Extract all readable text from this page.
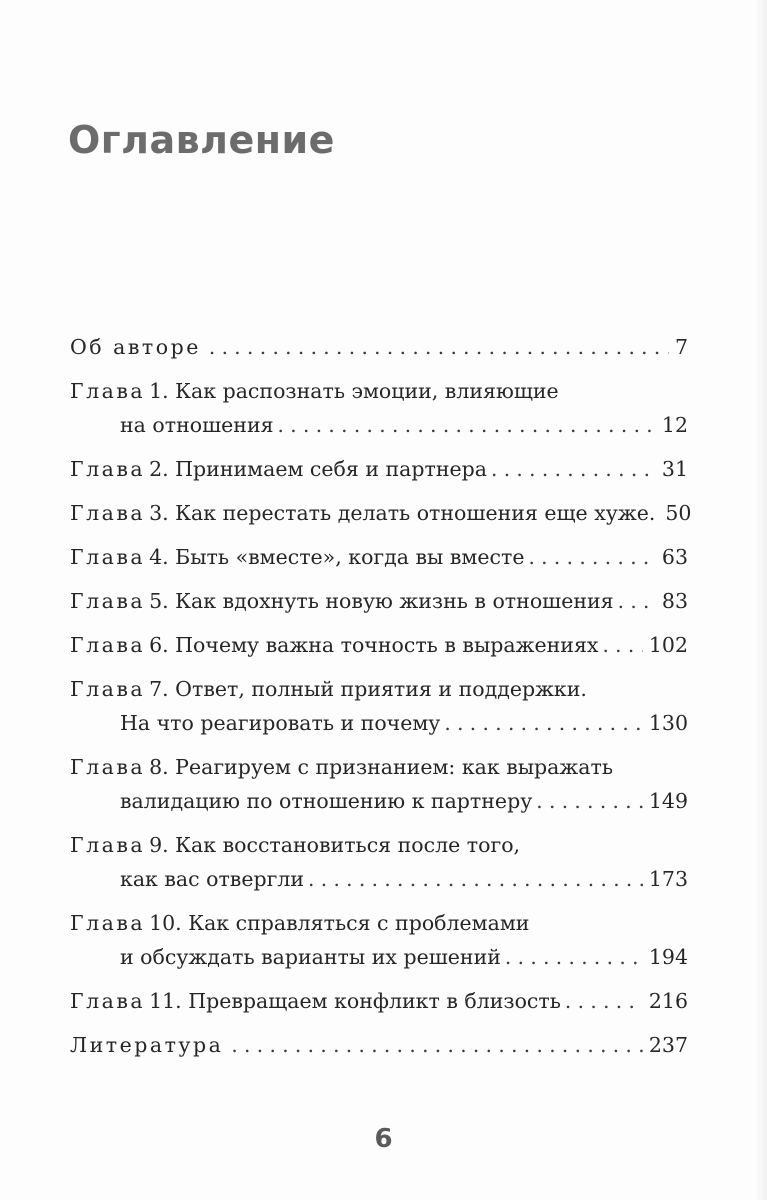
Оглавление
Об авторе . . .	7
Глава 1. Как распознать эмоции, влияющие
на отношения . . .	12
Глава 2. Принимаем себя и партнера . . .	31
Глава 3. Как перестать делать отношения еще хуже. 50
Глава 4. Быть «вместе», когда вы вместе . . .	63
Глава 5. Как вдохнуть новую жизнь в отношения . . . 83
Глава 6. Почему важна точность в выражениях . . . 102
Глава 7. Ответ, полный приятия и поддержки.
На что реагировать и почему . . .	130
Глава 8. Реагируем с признанием: как выражать
валидацию по отношению к партнеру . . .	149
Глава 9. Как восстановиться после того,
как вас отвергли . . .	173
Глава 10. Как справляться с проблемами
и обсуждать варианты их решений . . .	194
Глава 11. Превращаем конфликт в близость . . .	216
Литература . . .	237
6
